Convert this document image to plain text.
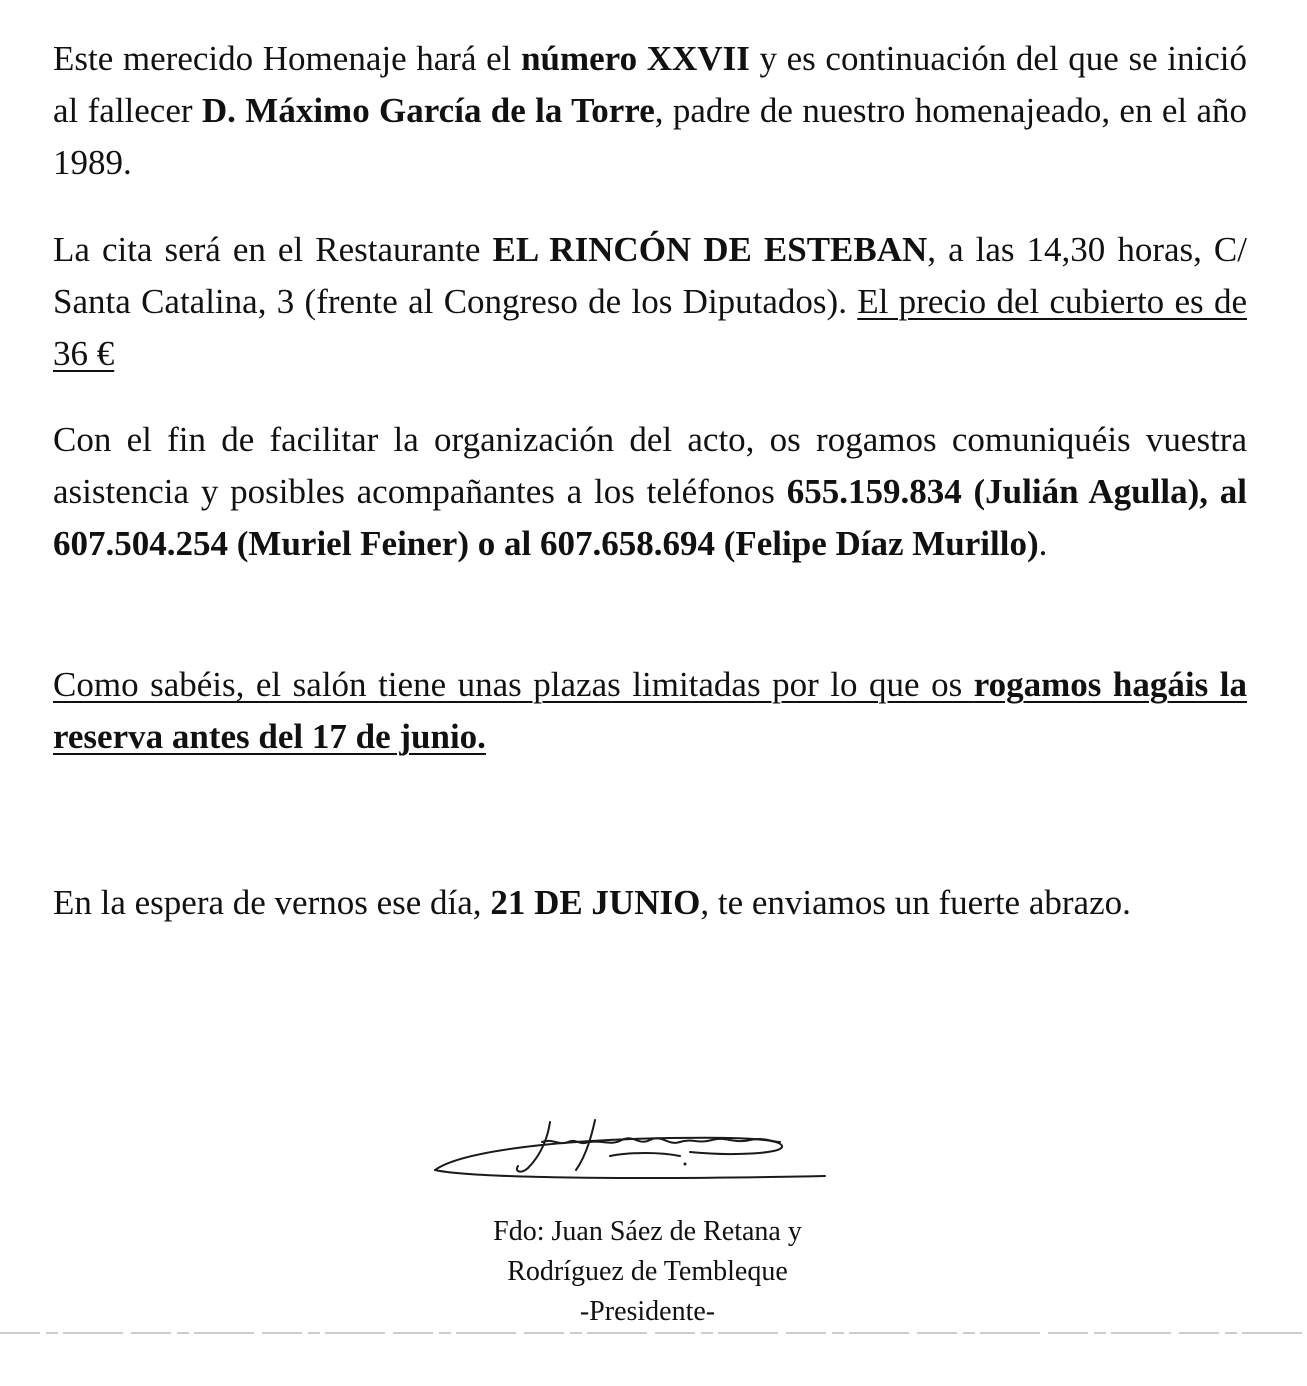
Este merecido Homenaje hará el número XXVII y es continuación del que se inició al fallecer D. Máximo García de la Torre, padre de nuestro homenajeado, en el año 1989.

La cita será en el Restaurante EL RINCÓN DE ESTEBAN, a las 14,30 horas, C/ Santa Catalina, 3 (frente al Congreso de los Diputados). El precio del cubierto es de 36 €

Con el fin de facilitar la organización del acto, os rogamos comuniquéis vuestra asistencia y posibles acompañantes a los teléfonos 655.159.834 (Julián Agulla), al 607.504.254 (Muriel Feiner) o al 607.658.694 (Felipe Díaz Murillo).

Como sabéis, el salón tiene unas plazas limitadas por lo que os rogamos hagáis la reserva antes del 17 de junio.

En la espera de vernos ese día, 21 DE JUNIO, te enviamos un fuerte abrazo.

Fdo: Juan Sáez de Retana y
Rodríguez de Tembleque
-Presidente-
